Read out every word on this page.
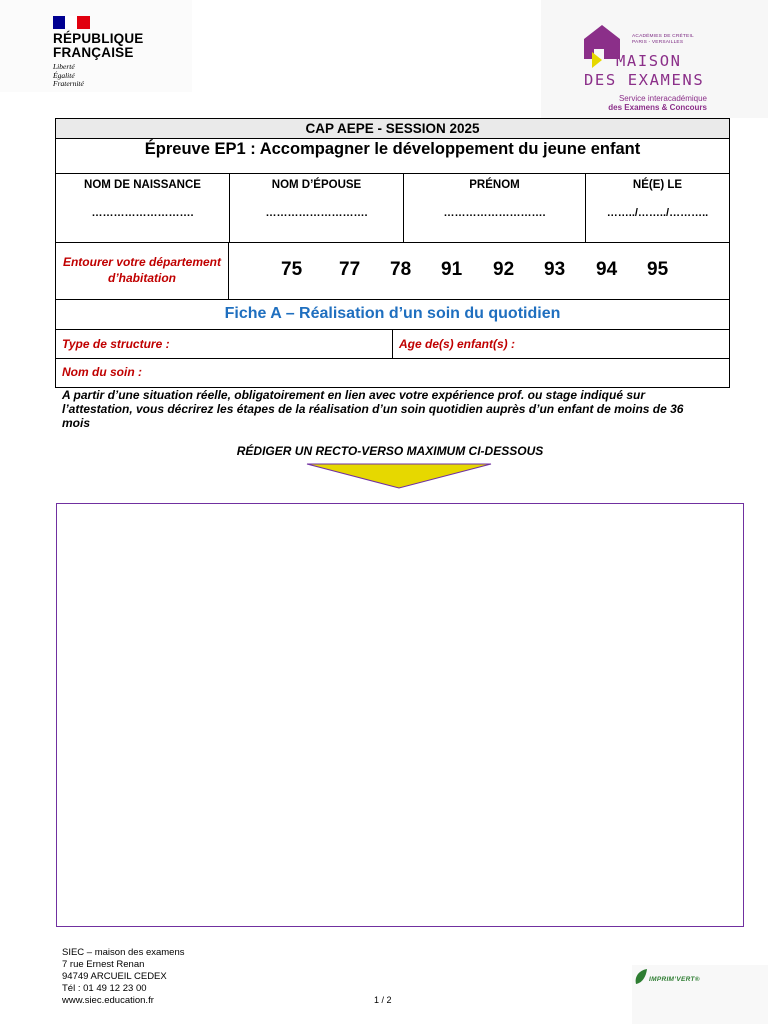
RÉPUBLIQUE
FRANÇAISE
Liberté
Égalité
Fraternité
ACADÉMIES DE CRÉTEIL
PARIS - VERSAILLES
MAISON
DES EXAMENS
Service interacadémique
des Examens & Concours
CAP AEPE - SESSION 2025
Épreuve EP1 : Accompagner le développement du jeune enfant
NOM DE NAISSANCE
……………………….
NOM D’ÉPOUSE
……………………….
PRÉNOM
……………………….
NÉ(E) LE
……../……../………..
Entourer votre département d’habitation	75 77 78 91 92 93 94 95
Fiche A – Réalisation d’un soin du quotidien
Type de structure :	Age de(s) enfant(s) :
Nom du soin :
A partir d’une situation réelle, obligatoirement en lien avec votre expérience prof. ou stage indiqué sur l’attestation, vous décrirez les étapes de la réalisation d’un soin quotidien auprès d’un enfant de moins de 36 mois
RÉDIGER UN RECTO-VERSO MAXIMUM CI-DESSOUS
SIEC – maison des examens
7 rue Ernest Renan
94749 ARCUEIL CEDEX
Tél : 01 49 12 23 00
www.siec.education.fr	1 / 2
IMPRIM’VERT®
